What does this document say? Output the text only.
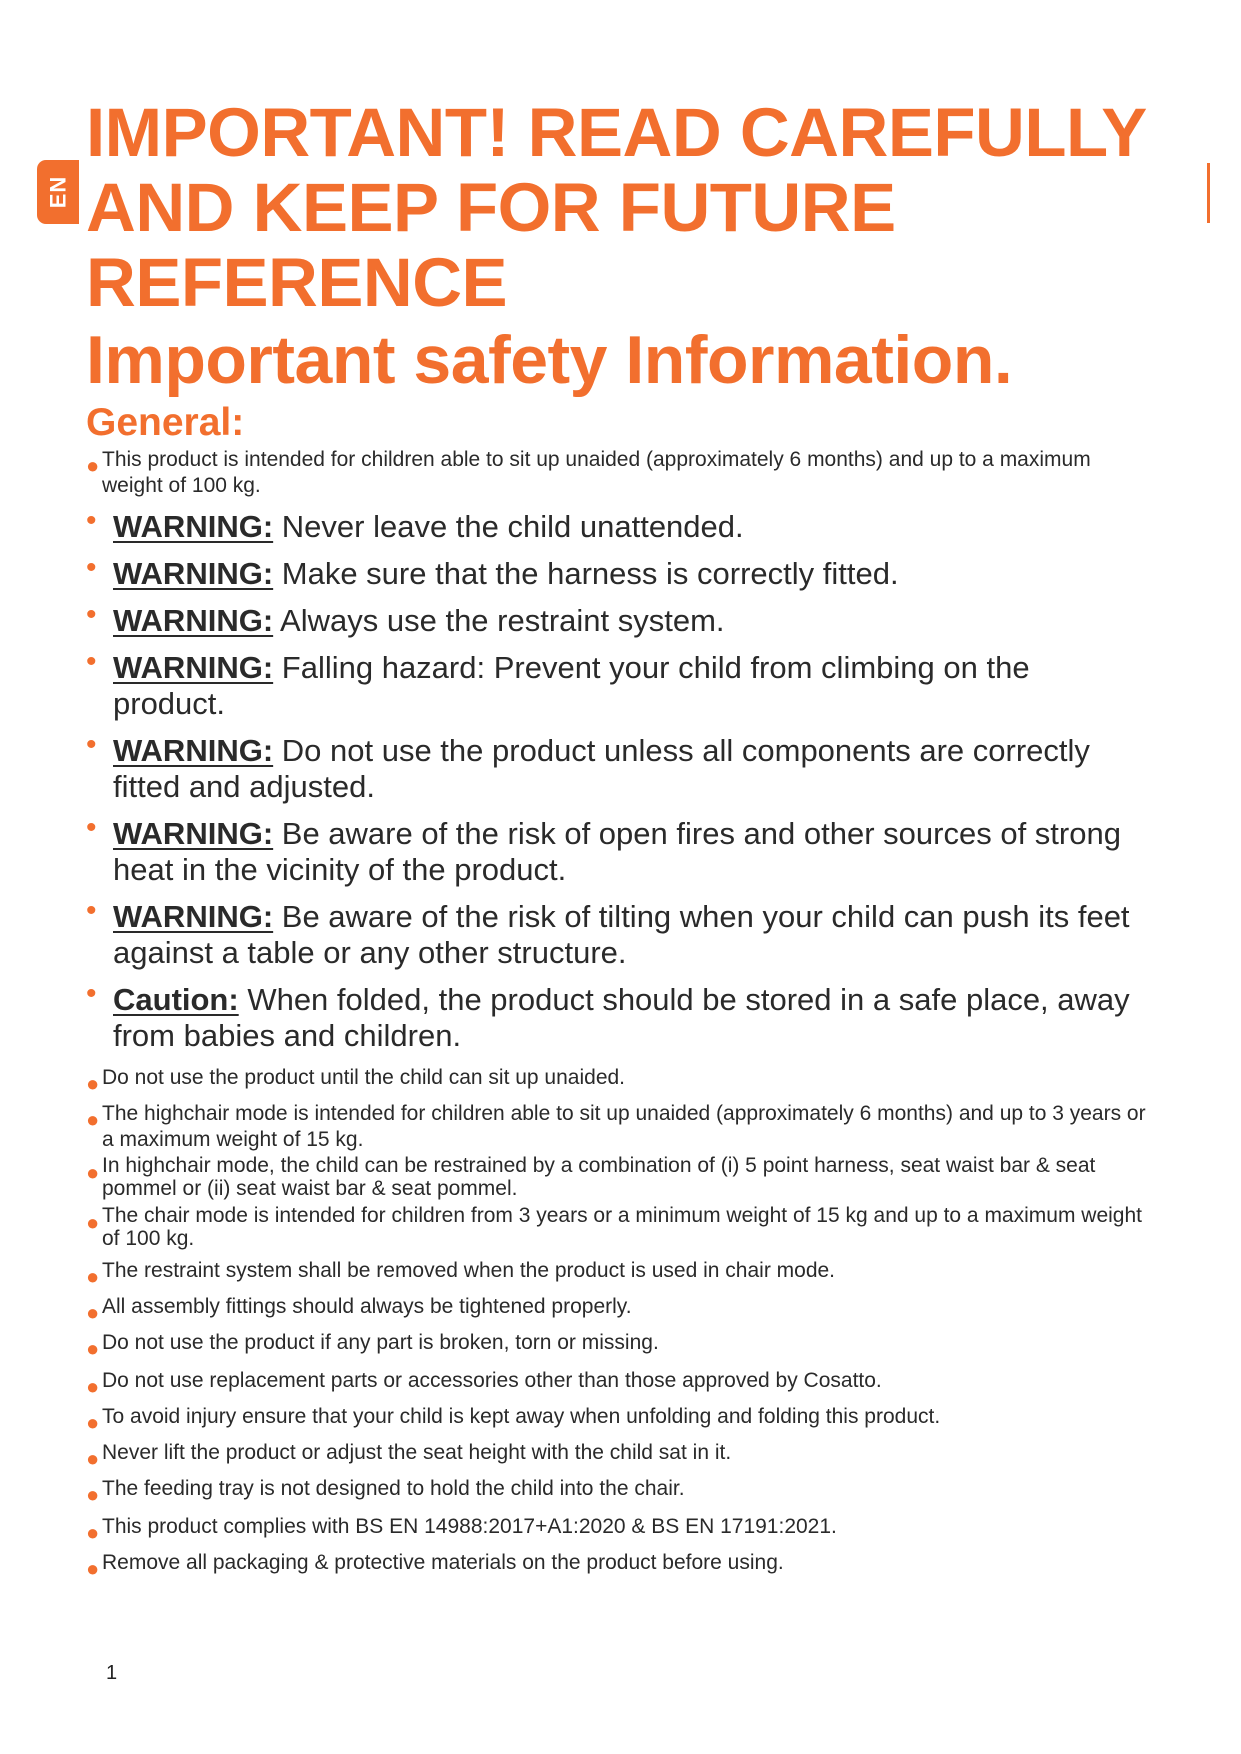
EN
IMPORTANT! READ CAREFULLY AND KEEP FOR FUTURE REFERENCE
Important safety Information.
General:
● This product is intended for children able to sit up unaided (approximately 6 months) and up to a maximum weight of 100 kg.
• WARNING: Never leave the child unattended.
• WARNING: Make sure that the harness is correctly fitted.
• WARNING: Always use the restraint system.
• WARNING: Falling hazard: Prevent your child from climbing on the product.
• WARNING: Do not use the product unless all components are correctly fitted and adjusted.
• WARNING: Be aware of the risk of open fires and other sources of strong heat in the vicinity of the product.
• WARNING: Be aware of the risk of tilting when your child can push its feet against a table or any other structure.
• Caution: When folded, the product should be stored in a safe place, away from babies and children.
● Do not use the product until the child can sit up unaided.
● The highchair mode is intended for children able to sit up unaided (approximately 6 months) and up to 3 years or a maximum weight of 15 kg.
● In highchair mode, the child can be restrained by a combination of (i) 5 point harness, seat waist bar & seat pommel or (ii) seat waist bar & seat pommel.
● The chair mode is intended for children from 3 years or a minimum weight of 15 kg and up to a maximum weight of 100 kg.
● The restraint system shall be removed when the product is used in chair mode.
● All assembly fittings should always be tightened properly.
● Do not use the product if any part is broken, torn or missing.
● Do not use replacement parts or accessories other than those approved by Cosatto.
● To avoid injury ensure that your child is kept away when unfolding and folding this product.
● Never lift the product or adjust the seat height with the child sat in it.
● The feeding tray is not designed to hold the child into the chair.
● This product complies with BS EN 14988:2017+A1:2020 & BS EN 17191:2021.
● Remove all packaging & protective materials on the product before using.
1
